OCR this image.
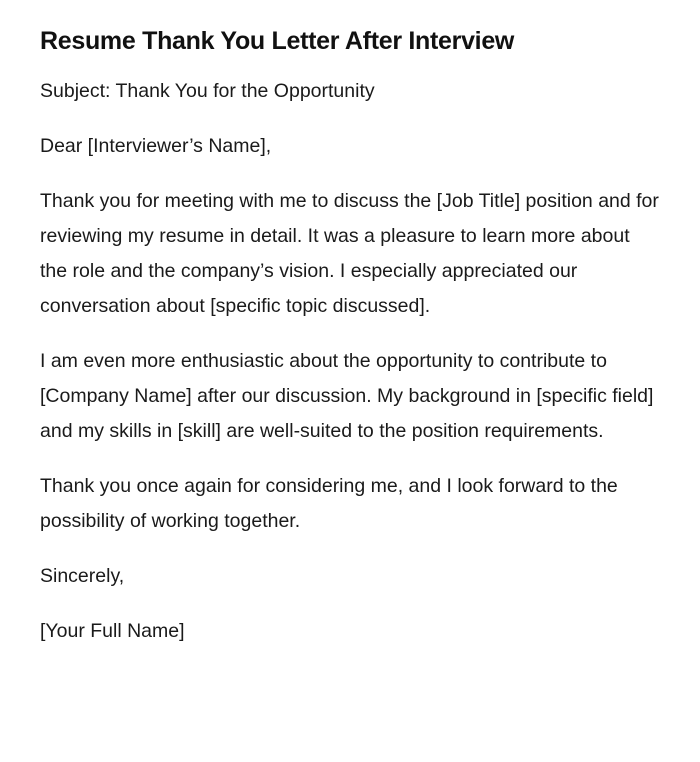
Resume Thank You Letter After Interview

Subject: Thank You for the Opportunity

Dear [Interviewer’s Name],

Thank you for meeting with me to discuss the [Job Title] position and for reviewing my resume in detail. It was a pleasure to learn more about the role and the company’s vision. I especially appreciated our conversation about [specific topic discussed].

I am even more enthusiastic about the opportunity to contribute to [Company Name] after our discussion. My background in [specific field] and my skills in [skill] are well-suited to the position requirements.

Thank you once again for considering me, and I look forward to the possibility of working together.

Sincerely,

[Your Full Name]
